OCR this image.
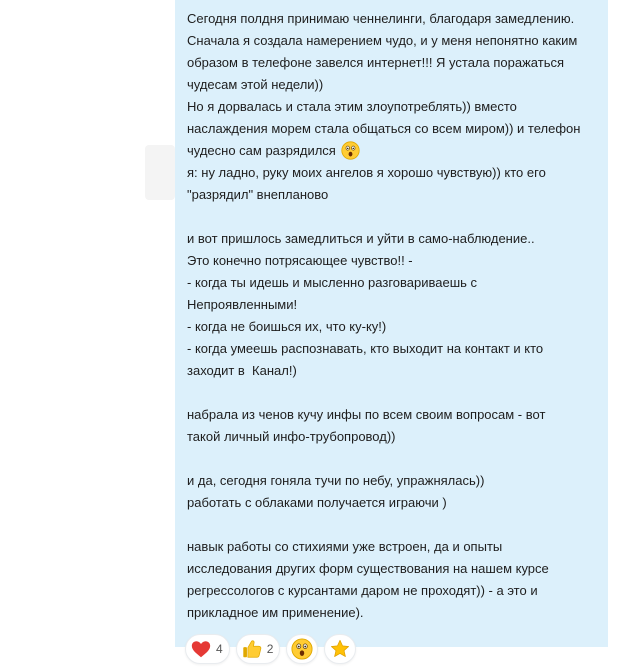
Сегодня полдня принимаю ченнелинги, благодаря замедлению.
Сначала я создала намерением чудо, и у меня непонятно каким
образом в телефоне завелся интернет!!! Я устала поражаться
чудесам этой недели))
Но я дорвалась и стала этим злоупотреблять)) вместо
наслаждения морем стала общаться со всем миром)) и телефон
чудесно сам разрядился
я: ну ладно, руку моих ангелов я хорошо чувствую)) кто его
"разрядил" внепланово
и вот пришлось замедлиться и уйти в само-наблюдение..
Это конечно потрясающее чувство!! -
- когда ты идешь и мысленно разговариваешь с
Непроявленными!
- когда не боишься их, что ку-ку!)
- когда умеешь распознавать, кто выходит на контакт и кто
заходит в  Канал!)
набрала из ченов кучу инфы по всем своим вопросам - вот
такой личный инфо-трубопровод))
и да, сегодня гоняла тучи по небу, упражнялась))
работать с облаками получается играючи )
навык работы со стихиями уже встроен, да и опыты
исследования других форм существования на нашем курсе
регрессологов с курсантами даром не проходят)) - а это и
прикладное им применение).
4	2
